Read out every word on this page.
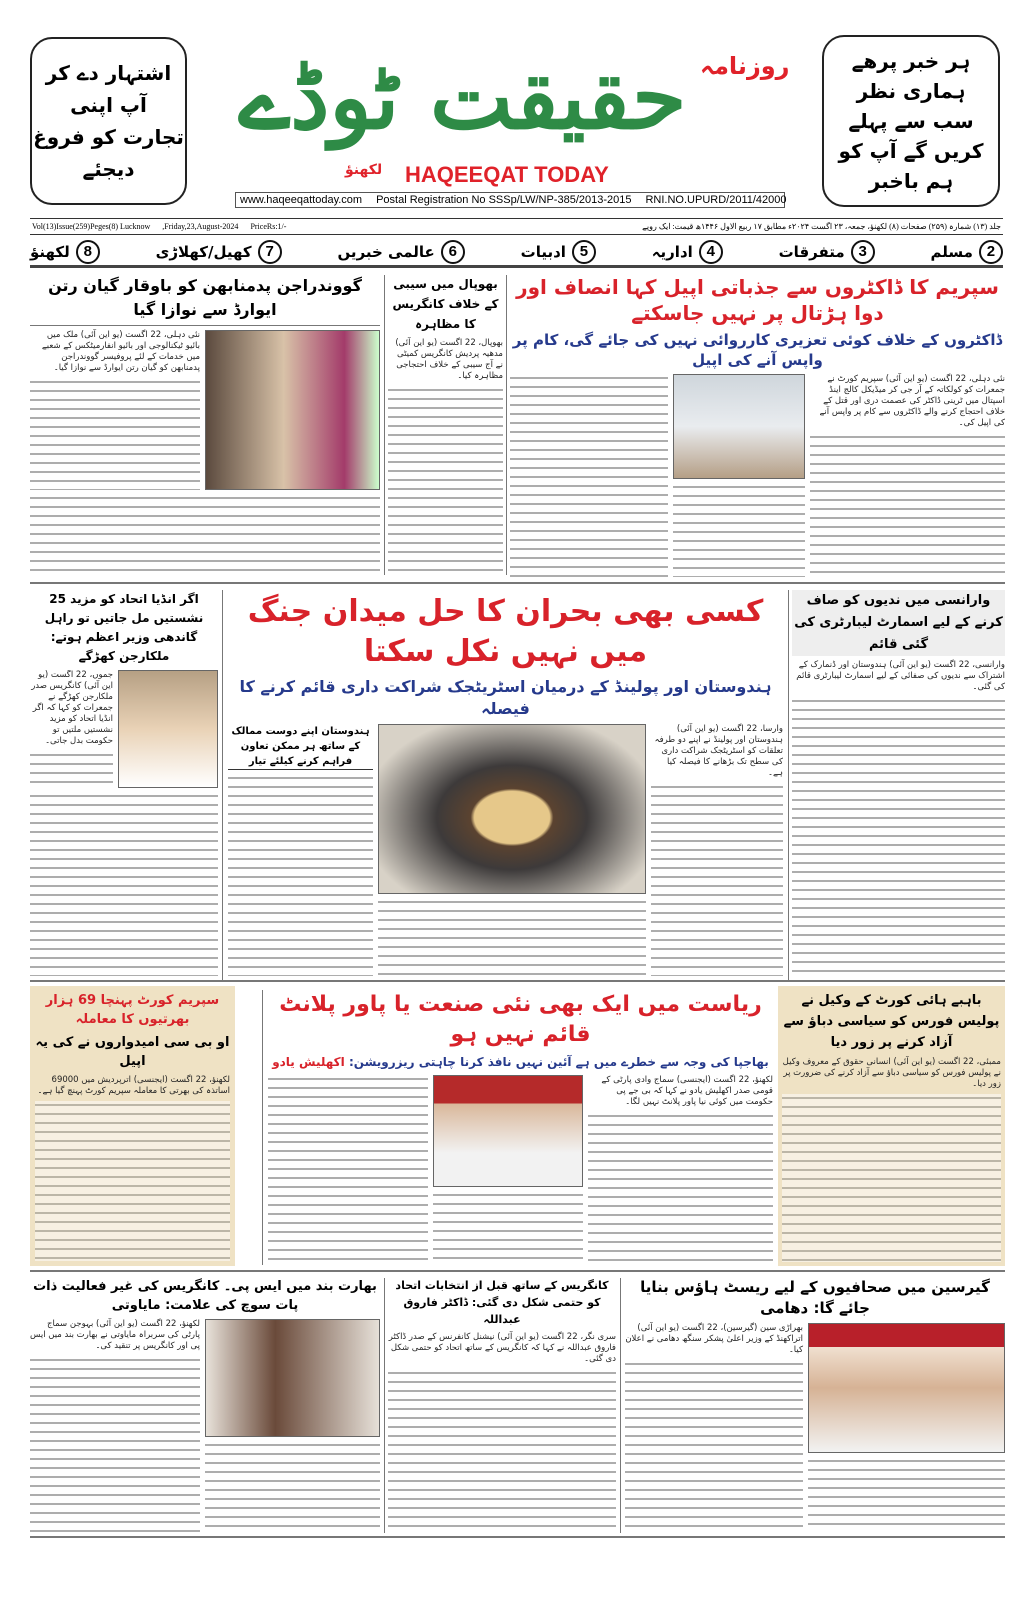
اشتہار دے کر
آپ اپنی
تجارت کو فروغ
دیجئے
ہر خبر پرھے
ہماری نظر
سب سے پہلے
کریں گے آپ کو
ہم باخبر
روزنامہ
حقیقت ٹوڈے
لکھنؤ HAQEEQAT TODAY
www.haqeeqattoday.com Postal Registration No SSSp/LW/NP-385/2013-2015 RNI.NO.UPURD/2011/42000
Vol(13)Issue(259)Peges(8) Lucknow ,Friday,23,August-2024 PriceRs:1/-	جلد (۱۳) شمارہ (۲۵۹) صفحات (۸) لکھنؤ، جمعہ، ۲۳ اگست ۲۰۲۴ء مطابق ۱۷ ربیع الاول ۱۴۴۶ھ قیمت: ایک روپے
2
مسلم
3
متفرقات
4
اداریہ
5
ادبیات
6
عالمی خبریں
7
کھیل/کھلاڑی
8
لکھنؤ
سپریم کا ڈاکٹروں سے جذباتی اپیل کہا انصاف اور دوا ہڑتال پر نہیں جاسکتے
ڈاکٹروں کے خلاف کوئی تعزیری کارروائی نہیں کی جائے گی، کام پر واپس آنے کی اپیل
نئی دہلی، 22 اگست (یو این آئی) سپریم کورٹ نے جمعرات کو کولکاتہ کے آر جی کر میڈیکل کالج اینڈ اسپتال میں ٹرینی ڈاکٹر کی عصمت دری اور قتل کے خلاف احتجاج کرنے والے ڈاکٹروں سے کام پر واپس آنے کی اپیل کی۔
بھوپال میں سیبی کے خلاف کانگریس کا مظاہرہ
بھوپال، 22 اگست (یو این آئی) مدھیہ پردیش کانگریس کمیٹی نے آج سیبی کے خلاف احتجاجی مظاہرہ کیا۔
گووندراجن پدمنابھن کو باوقار گیان رتن ایوارڈ سے نوازا گیا
نئی دہلی، 22 اگست (یو این آئی) ملک میں بائیو ٹیکنالوجی اور بائیو انفارمیٹکس کے شعبے میں خدمات کے لئے پروفیسر گووندراجن پدمنابھن کو گیان رتن ایوارڈ سے نوازا گیا۔
اگر انڈیا اتحاد کو مزید 25 نشستیں مل جاتیں تو راہل گاندھی وزیر اعظم ہوتے: ملکارجن کھڑگے
جموں، 22 اگست (یو این آئی) کانگریس صدر ملکارجن کھڑگے نے جمعرات کو کہا کہ اگر انڈیا اتحاد کو مزید نشستیں ملتیں تو حکومت بدل جاتی۔
کسی بھی بحران کا حل میدان جنگ میں نہیں نکل سکتا
ہندوستان اور پولینڈ کے درمیان اسٹریٹجک شراکت داری قائم کرنے کا فیصلہ
وارسا، 22 اگست (یو این آئی) ہندوستان اور پولینڈ نے اپنے دو طرفہ تعلقات کو اسٹریٹجک شراکت داری کی سطح تک بڑھانے کا فیصلہ کیا ہے۔
ہندوستان اپنے دوست ممالک کے ساتھ ہر ممکن تعاون فراہم کرنے کیلئے تیار
وارانسی میں ندیوں کو صاف کرنے کے لیے اسمارٹ لیبارٹری کی گئی قائم
وارانسی، 22 اگست (یو این آئی) ہندوستان اور ڈنمارک کے اشتراک سے ندیوں کی صفائی کے لیے اسمارٹ لیبارٹری قائم کی گئی۔
سپریم کورٹ پہنچا 69 ہزار بھرتیوں کا معاملہ
او بی سی امیدواروں نے کی یہ اپیل
لکھنؤ، 22 اگست (ایجنسی) اترپردیش میں 69000 اساتذہ کی بھرتی کا معاملہ سپریم کورٹ پہنچ گیا ہے۔
ریاست میں ایک بھی نئی صنعت یا پاور پلانٹ قائم نہیں ہو
بھاجپا کی وجہ سے خطرے میں ہے آئین نہیں نافذ کرنا چاہتی ریزرویشن: اکھلیش یادو
لکھنؤ، 22 اگست (ایجنسی) سماج وادی پارٹی کے قومی صدر اکھلیش یادو نے کہا کہ بی جے پی حکومت میں کوئی نیا پاور پلانٹ نہیں لگا۔
باہبے ہائی کورٹ کے وکیل نے پولیس فورس کو سیاسی دباؤ سے آزاد کرنے پر زور دیا
ممبئی، 22 اگست (یو این آئی) انسانی حقوق کے معروف وکیل نے پولیس فورس کو سیاسی دباؤ سے آزاد کرنے کی ضرورت پر زور دیا۔
بھارت بند میں ایس پی۔ کانگریس کی غیر فعالیت ذات پات سوچ کی علامت: مایاوتی
لکھنؤ، 22 اگست (یو این آئی) بہوجن سماج پارٹی کی سربراہ مایاوتی نے بھارت بند میں ایس پی اور کانگریس پر تنقید کی۔
کانگریس کے ساتھ قبل از انتخابات اتحاد کو حتمی شکل دی گئی: ڈاکٹر فاروق عبداللہ
سری نگر، 22 اگست (یو این آئی) نیشنل کانفرنس کے صدر ڈاکٹر فاروق عبداللہ نے کہا کہ کانگریس کے ساتھ اتحاد کو حتمی شکل دی گئی۔
گیرسین میں صحافیوں کے لیے ریسٹ ہاؤس بنایا جائے گا: دھامی
بھراڑی سین (گیرسین)، 22 اگست (یو این آئی) اتراکھنڈ کے وزیر اعلیٰ پشکر سنگھ دھامی نے اعلان کیا۔
